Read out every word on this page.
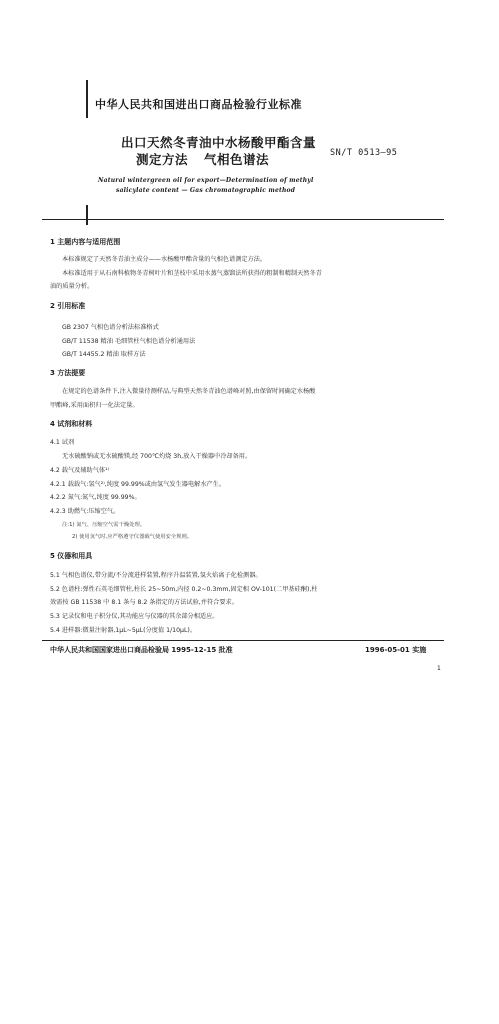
中华人民共和国进出口商品检验行业标准
出口天然冬青油中水杨酸甲酯含量
测定方法 气相色谱法	SN/T 0513—95
Natural wintergreen oil for export—Determination of methyl
salicylate content — Gas chromatographic method
1 主题内容与适用范围
本标准规定了天然冬青油主成分——水杨酸甲酯含量的气相色谱测定方法。
本标准适用于从石南科植物冬青树叶片和茎枝中采用水蒸气蒸馏法所获得的粗制和精制天然冬青
油的质量分析。
2 引用标准
GB 2307 气相色谱分析法标准格式
GB/T 11538 精油 毛细管柱气相色谱分析通用法
GB/T 14455.2 精油 取样方法
3 方法提要
在规定的色谱条件下,注入微量待测样品,与典型天然冬青油色谱峰对照,由保留时间确定水杨酸
甲酯峰,采用面积归一化法定量。
4 试剂和材料
4.1 试剂
无水硫酸钠或无水硫酸镁,经 700℃灼烧 3h,放入干燥器中冷却备用。
4.2 载气及辅助气体¹⁾
4.2.1 载载气:氢气²⁾,纯度 99.99%或由氢气发生器电解水产生。
4.2.2 氮气:氮气,纯度 99.99%。
4.2.3 助燃气:压缩空气。
注:1) 氮气、压缩空气需干燥处理。
2) 使用氢气时,应严格遵守仪器载气使用安全规则。
5 仪器和用具
5.1 气相色谱仪,带分流/不分流进样装置,程序升温装置,氢火焰离子化检测器。
5.2 色谱柱:弹性石英毛细管柱,柱长 25~50m,内径 0.2~0.3mm,固定相 OV-101(二甲基硅酮),柱
效需按 GB 11538 中 8.1 条与 8.2 条指定的方法试验,并符合要求。
5.3 记录仪和电子积分仪,其功能应与仪器的其余部分相适应。
5.4 进样器:微量注射器,1μL~5μL(分度值 1/10μL)。
中华人民共和国国家进出口商品检验局 1995-12-15 批准	1996-05-01 实施
1
